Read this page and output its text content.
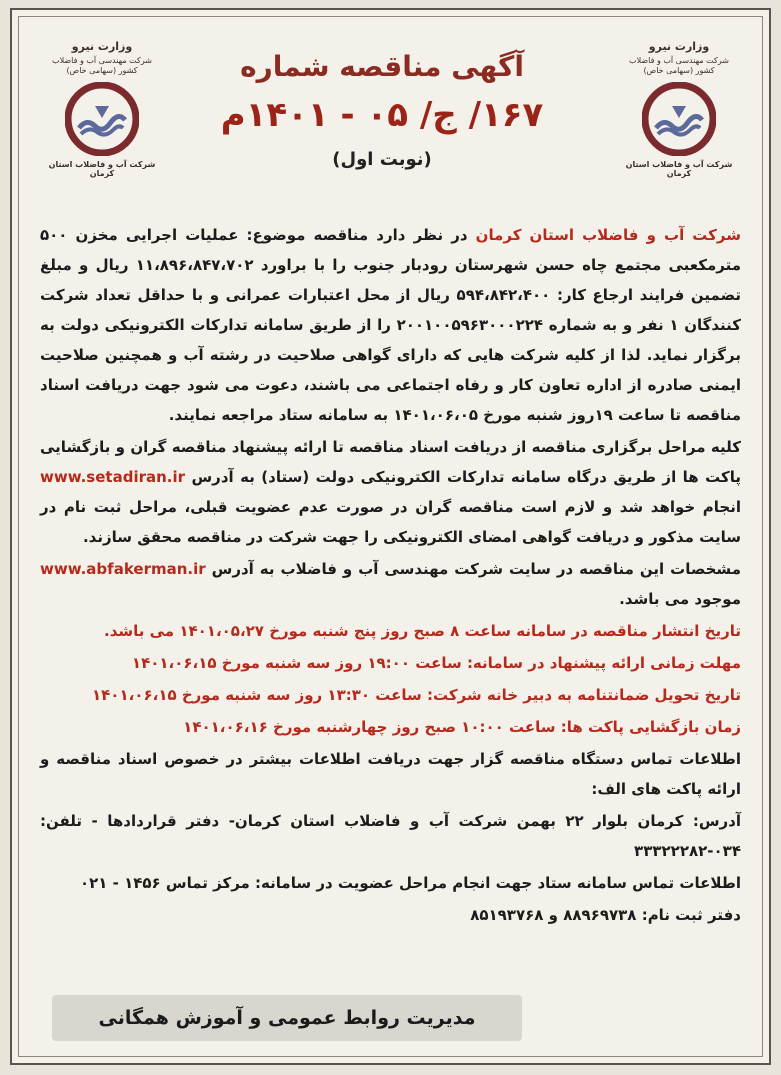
وزارت نیرو
شرکت مهندسی آب و فاضلاب کشور (سهامی خاص)
شرکت آب و فاضلاب استان کرمان
وزارت نیرو
شرکت مهندسی آب و فاضلاب کشور (سهامی خاص)
شرکت آب و فاضلاب استان کرمان
آگهی مناقصه شماره
۱۶۷/ ج/ ۰۵ - ۱۴۰۱م
(نوبت اول)

شرکت آب و فاضلاب استان کرمان در نظر دارد مناقصه موضوع: عملیات اجرایی مخزن ۵۰۰ مترمکعبی مجتمع چاه حسن شهرستان رودبار جنوب را با براورد ۱۱،۸۹۶،۸۴۷،۷۰۲ ریال و مبلغ تضمین فرایند ارجاع کار: ۵۹۴،۸۴۲،۴۰۰ ریال از محل اعتبارات عمرانی و با حداقل تعداد شرکت کنندگان ۱ نفر و به شماره ۲۰۰۱۰۰۵۹۶۳۰۰۰۲۲۴ را از طریق سامانه تدارکات الکترونیکی دولت به برگزار نماید. لذا از کلیه شرکت هایی که دارای گواهی صلاحیت در رشته آب و همچنین صلاحیت ایمنی صادره از اداره تعاون کار و رفاه اجتماعی می باشند، دعوت می شود جهت دریافت اسناد مناقصه تا ساعت ۱۹روز شنبه مورخ ۱۴۰۱،۰۶،۰۵ به سامانه ستاد مراجعه نمایند.

کلیه مراحل برگزاری مناقصه از دریافت اسناد مناقصه تا ارائه پیشنهاد مناقصه گران و بازگشایی پاکت ها از طریق درگاه سامانه تدارکات الکترونیکی دولت (ستاد) به آدرس www.setadiran.ir انجام خواهد شد و لازم است مناقصه گران در صورت عدم عضویت قبلی، مراحل ثبت نام در سایت مذکور و دریافت گواهی امضای الکترونیکی را جهت شرکت در مناقصه محقق سازند.

مشخصات این مناقصه در سایت شرکت مهندسی آب و فاضلاب به آدرس www.abfakerman.ir موجود می باشد.

تاریخ انتشار مناقصه در سامانه ساعت ۸ صبح روز پنج شنبه مورخ ۱۴۰۱،۰۵،۲۷ می باشد.

مهلت زمانی ارائه پیشنهاد در سامانه: ساعت ۱۹:۰۰ روز سه شنبه مورخ ۱۴۰۱،۰۶،۱۵

تاریخ تحویل ضمانتنامه به دبیر خانه شرکت: ساعت ۱۳:۳۰ روز سه شنبه مورخ ۱۴۰۱،۰۶،۱۵

زمان بازگشایی پاکت ها: ساعت ۱۰:۰۰ صبح روز چهارشنبه مورخ ۱۴۰۱،۰۶،۱۶

اطلاعات تماس دستگاه مناقصه گزار جهت دریافت اطلاعات بیشتر در خصوص اسناد مناقصه و ارائه پاکت های الف:

آدرس: کرمان بلوار ۲۲ بهمن شرکت آب و فاضلاب استان کرمان- دفتر قراردادها - تلفن: ۰۳۴-۳۳۳۲۲۲۸۲

اطلاعات تماس سامانه ستاد جهت انجام مراحل عضویت در سامانه: مرکز تماس ۱۴۵۶ - ۰۲۱

دفتر ثبت نام: ۸۸۹۶۹۷۳۸ و ۸۵۱۹۳۷۶۸

مدیریت روابط عمومی و آموزش همگانی
